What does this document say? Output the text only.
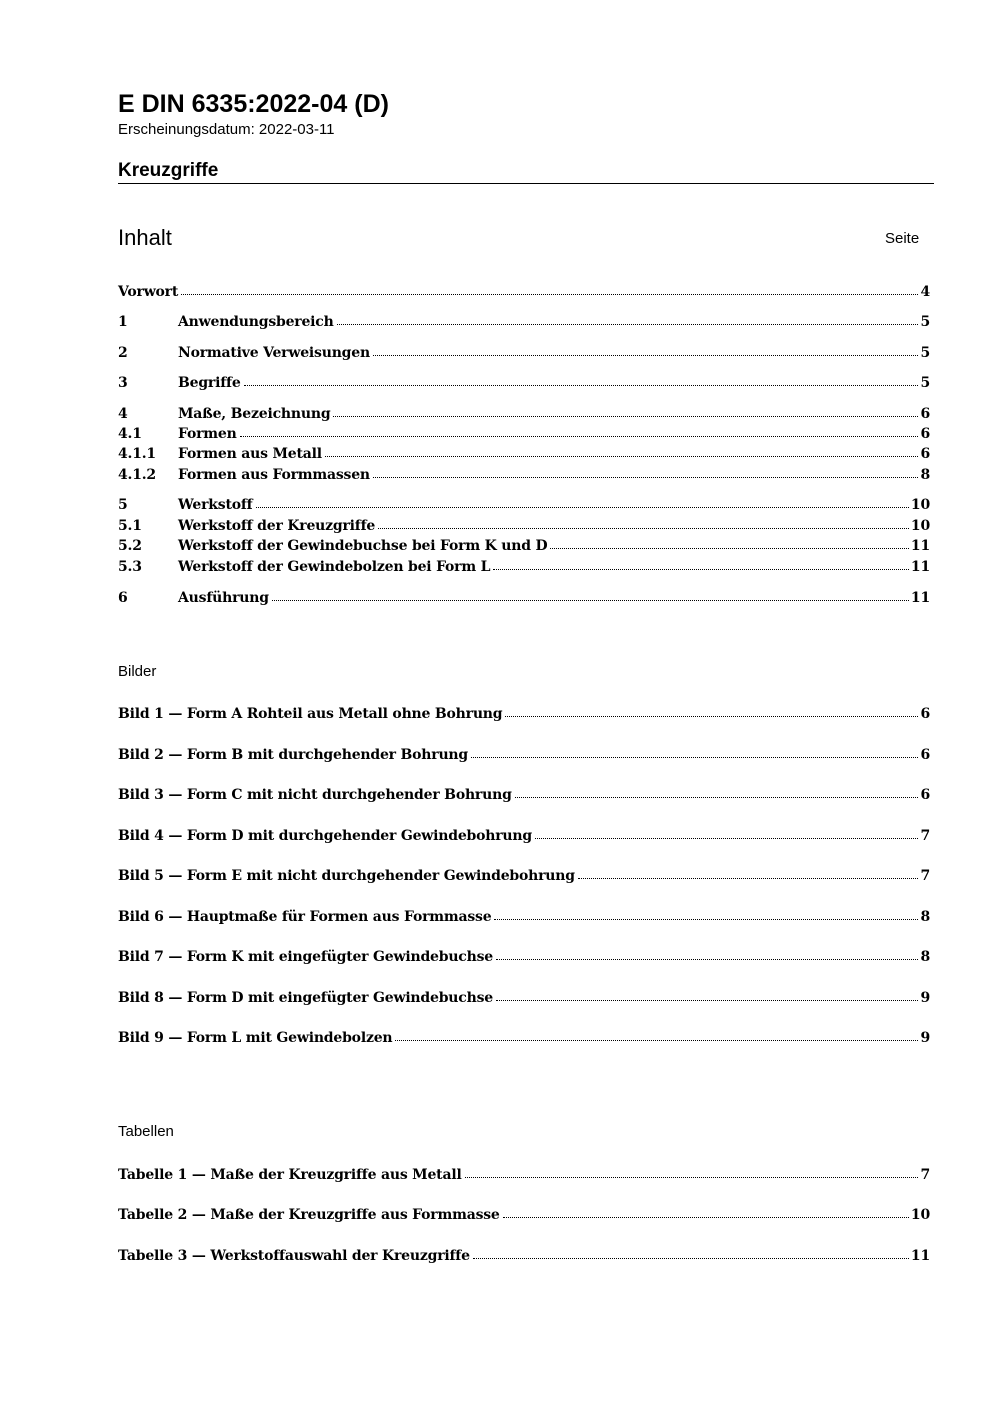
E DIN 6335:2022-04 (D)
Erscheinungsdatum: 2022-03-11
Kreuzgriffe
Inhalt	Seite
Vorwort	4
1	Anwendungsbereich	5
2	Normative Verweisungen	5
3	Begriffe	5
4	Maße, Bezeichnung	6
4.1	Formen	6
4.1.1	Formen aus Metall	6
4.1.2	Formen aus Formmassen	8
5	Werkstoff	10
5.1	Werkstoff der Kreuzgriffe	10
5.2	Werkstoff der Gewindebuchse bei Form K und D	11
5.3	Werkstoff der Gewindebolzen bei Form L	11
6	Ausführung	11
Bilder
Bild 1 — Form A Rohteil aus Metall ohne Bohrung	6
Bild 2 — Form B mit durchgehender Bohrung	6
Bild 3 — Form C mit nicht durchgehender Bohrung	6
Bild 4 — Form D mit durchgehender Gewindebohrung	7
Bild 5 — Form E mit nicht durchgehender Gewindebohrung	7
Bild 6 — Hauptmaße für Formen aus Formmasse	8
Bild 7 — Form K mit eingefügter Gewindebuchse	8
Bild 8 — Form D mit eingefügter Gewindebuchse	9
Bild 9 — Form L mit Gewindebolzen	9
Tabellen
Tabelle 1 — Maße der Kreuzgriffe aus Metall	7
Tabelle 2 — Maße der Kreuzgriffe aus Formmasse	10
Tabelle 3 — Werkstoffauswahl der Kreuzgriffe	11
